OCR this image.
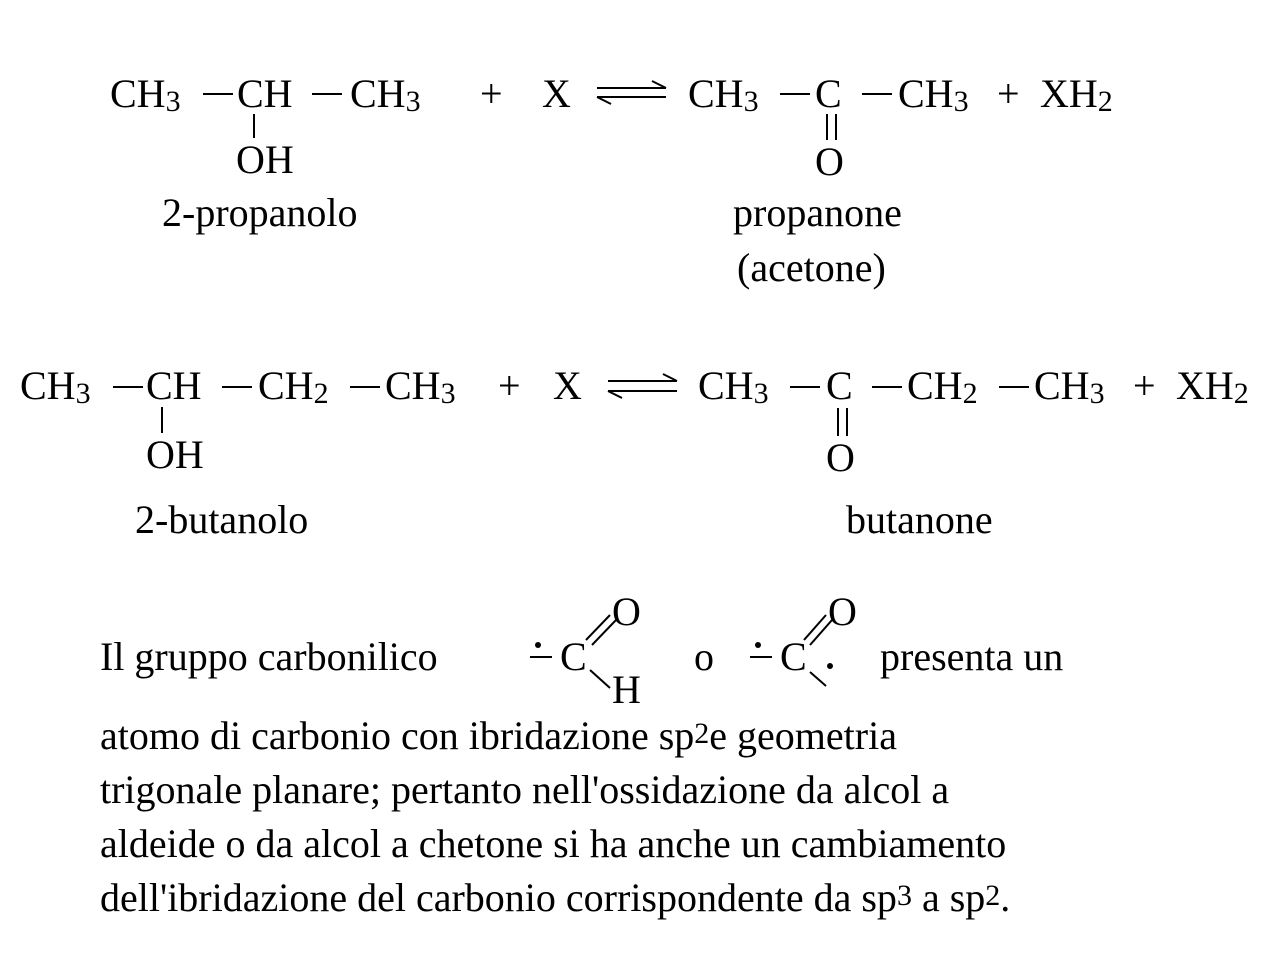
CH3 CH CH3
OH
+ X	CH3 C CH3 + XH2
O
2-propanolo	propanone
(acetone)
CH3 CH CH2 CH3
OH
+ X	CH3 C CH2 CH3 + XH2
O
2-butanolo	butanone
Il gruppo carbonilico	C
O
H
o C
O
presenta un
atomo di carbonio con ibridazione sp2e geometria
trigonale planare; pertanto nell'ossidazione da alcol a
aldeide o da alcol a chetone si ha anche un cambiamento
dell'ibridazione del carbonio corrispondente da sp3 a sp2.
